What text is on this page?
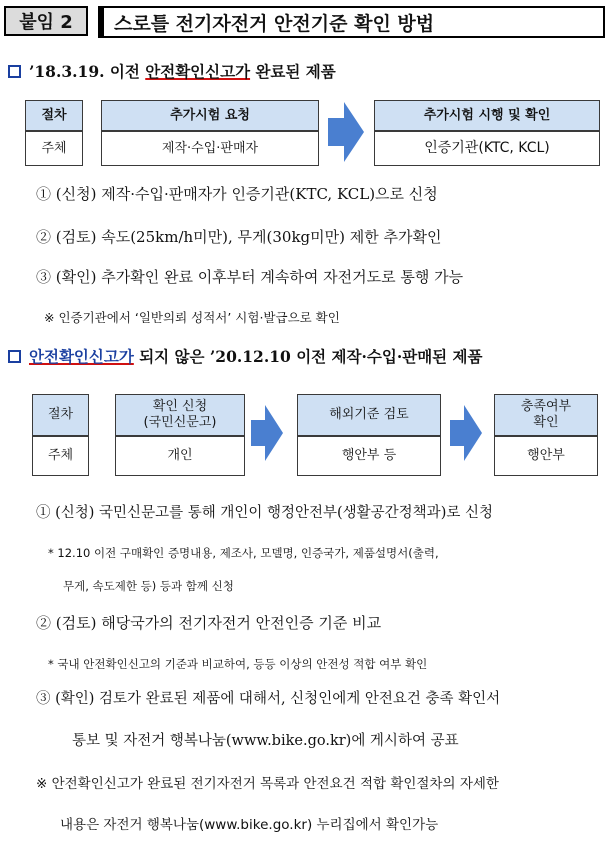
붙임 2	스로틀 전기자전거 안전기준 확인 방법
’18.3.19. 이전 안전확인신고가 완료된 제품
절차
주체
추가시험 요청
제작·수입·판매자
추가시험 시행 및 확인
인증기관(KTC, KCL)
① (신청) 제작·수입·판매자가 인증기관(KTC, KCL)으로 신청
② (검토) 속도(25km/h미만), 무게(30kg미만) 제한 추가확인
③ (확인) 추가확인 완료 이후부터 계속하여 자전거도로 통행 가능
※ 인증기관에서 ‘일반의뢰 성적서’ 시험·발급으로 확인
안전확인신고가 되지 않은 ’20.12.10 이전 제작·수입·판매된 제품
절차
주체
확인 신청
(국민신문고)
개인
해외기준 검토
행안부 등
충족여부
확인
행안부
① (신청) 국민신문고를 통해 개인이 행정안전부(생활공간정책과)로 신청
* 12.10 이전 구매확인 증명내용, 제조사, 모델명, 인증국가, 제품설명서(출력,
무게, 속도제한 등) 등과 함께 신청
② (검토) 해당국가의 전기자전거 안전인증 기준 비교
* 국내 안전확인신고의 기준과 비교하여, 등등 이상의 안전성 적합 여부 확인
③ (확인) 검토가 완료된 제품에 대해서, 신청인에게 안전요건 충족 확인서
통보 및 자전거 행복나눔(www.bike.go.kr)에 게시하여 공표
※ 안전확인신고가 완료된 전기자전거 목록과 안전요건 적합 확인절차의 자세한
내용은 자전거 행복나눔(www.bike.go.kr) 누리집에서 확인가능
